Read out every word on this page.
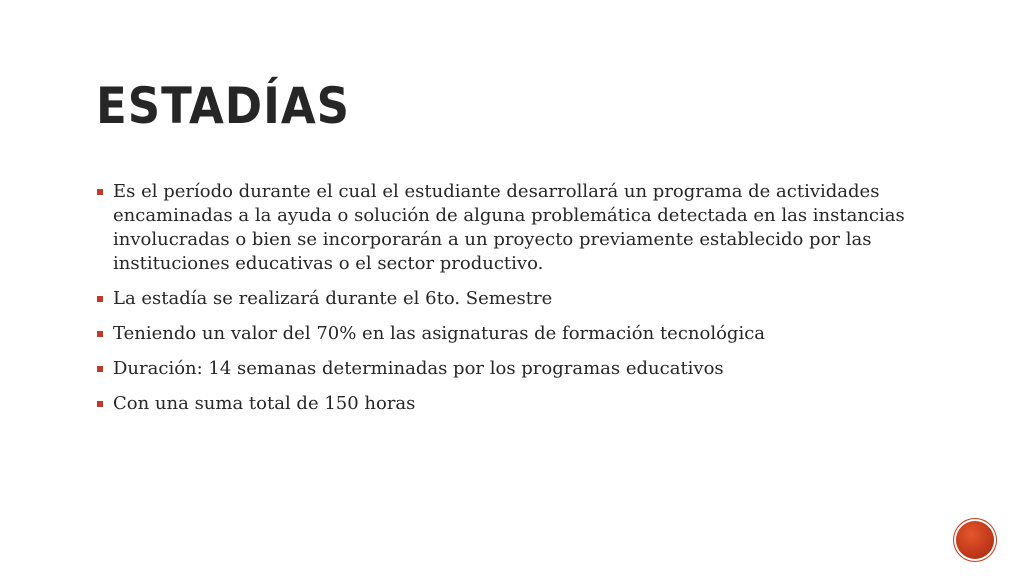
ESTADÍAS
Es el período durante el cual el estudiante desarrollará un programa de actividades encaminadas a la ayuda o solución de alguna problemática detectada en las instancias involucradas o bien se incorporarán a un proyecto previamente establecido por las instituciones educativas o el sector productivo.
La estadía se realizará durante el 6to. Semestre
Teniendo un valor del 70% en las asignaturas de formación tecnológica
Duración: 14 semanas determinadas por los programas educativos
Con una suma total de 150 horas
